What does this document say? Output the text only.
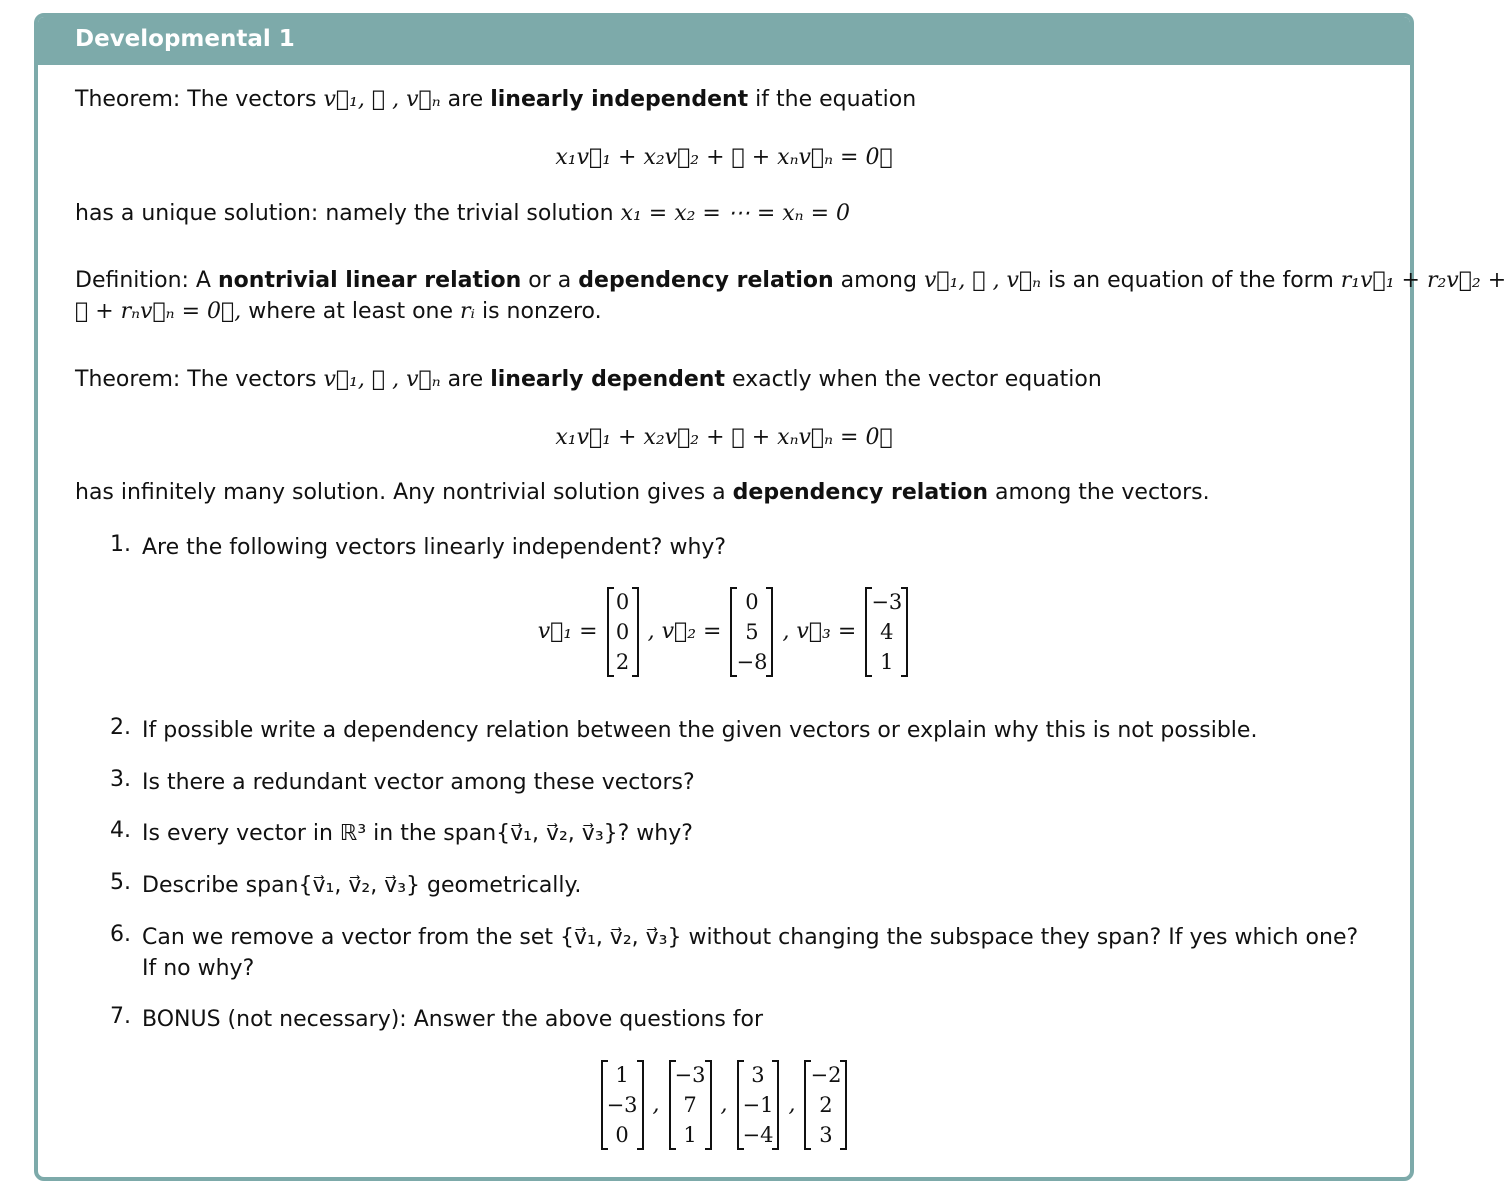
Developmental 1
Theorem: The vectors v⃗₁, ⋯ , v⃗ₙ are linearly independent if the equation
x₁v⃗₁ + x₂v⃗₂ + ⋯ + xₙv⃗ₙ = 0⃗
has a unique solution: namely the trivial solution x₁ = x₂ = ⋯ = xₙ = 0
Definition: A nontrivial linear relation or a dependency relation among v⃗₁, ⋯ , v⃗ₙ is an equation of the form r₁v⃗₁ + r₂v⃗₂ +
⋯ + rₙv⃗ₙ = 0⃗, where at least one rᵢ is nonzero.
Theorem: The vectors v⃗₁, ⋯ , v⃗ₙ are linearly dependent exactly when the vector equation
x₁v⃗₁ + x₂v⃗₂ + ⋯ + xₙv⃗ₙ = 0⃗
has infinitely many solution. Any nontrivial solution gives a dependency relation among the vectors.
1. Are the following vectors linearly independent? why?
v⃗₁ =
0
0
2
, v⃗₂ =
0
5
−8
, v⃗₃ =
−3
4
1
2. If possible write a dependency relation between the given vectors or explain why this is not possible.
3. Is there a redundant vector among these vectors?
4. Is every vector in ℝ³ in the span{v⃗₁, v⃗₂, v⃗₃}? why?
5. Describe span{v⃗₁, v⃗₂, v⃗₃} geometrically.
6. Can we remove a vector from the set {v⃗₁, v⃗₂, v⃗₃} without changing the subspace they span? If yes which one? If no why?
7. BONUS (not necessary): Answer the above questions for
1
−3
0
,
−3
7
1
,
3
−1
−4
,
−2
2
3
